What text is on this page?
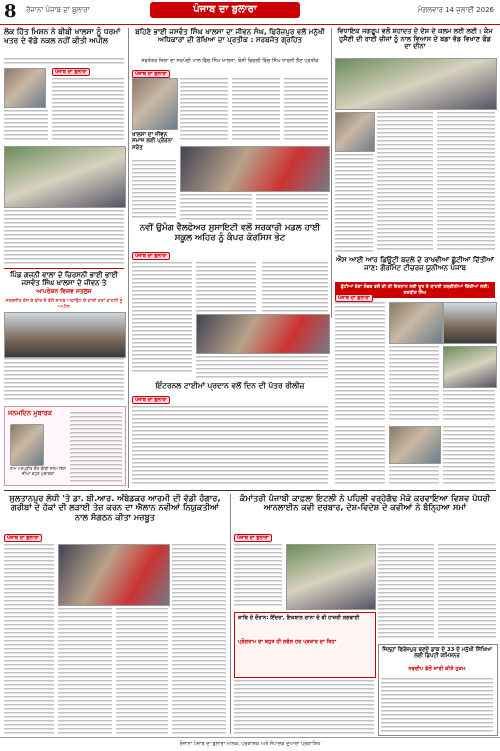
8 ਰੋਜ਼ਾਨਾ ਪੰਜਾਬ ਦਾ ਬੁਲਾਰਾ	ਪੰਜਾਬ ਦਾ ਬੁਲਾਰਾ	ਮੰਗਲਵਾਰ 14 ਜੁਲਾਈ 2026
ਲੋਕ ਹਿੱਤ ਮਿਸ਼ਨ ਨੇ ਬੀਬੀ ਖਾਲਸਾ ਨੂੰ ਧਰਮਾਂ ਖਤਰ ਦੇ ਵੱਡੇ ਨਕਲ ਨਹੀਂ ਕੀਤੀ ਅਪੀਲ
ਪੰਜਾਬ ਦਾ ਬੁਲਾਰਾ
ਬਹਿਣੇ ਭਾਈ ਜਸਵੰਤ ਸਿੰਘ ਖਾਲਸਾ ਦਾ ਜੀਵਨ ਸੰਘ, ਫਿਰੋਜ਼ਪੁਰ ਵਲੋਂ ਮਨੁੱਖੀ ਅਧਿਕਾਰਾਂ ਦੀ ਰੱਖਿਆ ਦਾ ਪ੍ਰਤੀਕ : ਸਰਬਜੋਤ ਗ੍ਰਹਿਤ
ਸਵਤੰਤਰ ਜ਼ਿਲਾ ਦਾ ਸਰਪੰਚੀ ਮਾਲ ਵਿੱਚ ਸਿੰਘ ਖਾਲਸਾ, ਬੋਸੀ ਵਿਚਲੀ ਵਿੱਚ ਸਿੰਘ ਧਾਰਨੀ ਲੈਣ ਪ੍ਰਤੀਕ
ਪੰਜਾਬ ਦਾ ਬੁਲਾਰਾ
ਖਾਲਸਾ ਦਾ ਜੀਵਨ ਸਮਾਜ ਲਈ ਪ੍ਰੇਰਨਾ ਸਰੋਤ
ਵਿਧਾਇਕ ਜਗਰੂਪ ਵਲੋਂ ਸ਼ਹਾਦਤ ਦੇ ਦੇਸ਼ ਦੇ ਕਲਮ ਲਈ ਲਈ। ਕੰਮ ਹੁਸੈਣੀ ਦੀ ਰਾਈ ਚੀਜਾਂ ਨੂੰ ਨਾਲ ਵਿਆਸ ਦੇ ਬਡਾ ਵੱਡ ਵਿਖਾਣ ਫੰਡ ਦਾ ਦੀਨਾ
ਪਿੰਡ ਗਜ਼ਨੀ ਵਾਲਾ ਦੇ ਚਿਰਸਨੀ ਭਾਈ ਭਾਈ ਜਸਵੰਤ ਸਿੰਘ ਖਾਲਸਾ ਦੇ ਜੀਵਨ ਤੇ
ਆਪਰੇਸ਼ਨ ਵਿਸ਼ਵ ਸਤਲੁਜ
ਸਰਬਜੀਤ ਦੱਸ ਦੇ ਵੀਰ ਦੇ ਵੱਲੋਂ ਸਾਹਬ ਅਕਾਉਟ ਦੇ ਕਾਰੀ ਕਰਾਂ ਕਾਹਲੀ ਨੂੰ ਅਪੀਲ
ਜਨਮਦਿਨ ਮੁਬਾਰਕ
ਨਾਮ ਮਨਪ੍ਰੀਤ ਕੌਰ ਬੀਬੀ ਜਨਮ ਦਿਨ ਦੀਆਂ ਬਹੁਤ ਮੁਬਾਰਕਾਂ
ਨਵੀਂ ਉਮੰਗ ਵੈਲਫੇਅਰ ਸੁਸਾਇਟੀ ਵਲੋਂ ਸਰਕਾਰੀ ਮਡਲ ਹਾਈ ਸਕੂਲ ਅਹਿਰ ਨੂੰ ਕੰਪਰ ਕੋਰਸਿਸ ਭੇਟ
ਪੰਜਾਬ ਦਾ ਬੁਲਾਰਾ	ਐਸ ਆਈ ਆਰ ਡਿਊਟੀ ਬਦਲੇ ਦੇ ਰਾਖਵੀਆਂ ਛੁੱਟੀਆਂ ਦਿੱਤੀਆਂ ਜਾਣ: ਗੌਰਮਿੰਟ ਟੀਚਰਜ਼ ਯੂਨੀਅਨ ਪੰਜਾਬ
ਛੁੱਟੀਆਂ ਦੇਣਾ ਸੰਭਵ ਵਲੋਂ ਦੀ ਦੀ ਇਸ਼ਨਾਨ ਲਈ ਦੂਰ ਦੇ ਬਾਹਰੀ ਤਬਦੀਲੀਆਂ ਦਿੱਤੀਆਂ ਲਈ: ਜਸਬੀਰ ਸਿੰਘ
ਪੰਜਾਬ ਦਾ ਬੁਲਾਰਾ
ਇੰਟਰਨਲ ਟਾਈਮਾਂ ਪ੍ਰਦਾਨ ਵਲੋਂ ਦਿਨ ਦੀ ਪੱਤਰ ਰੀਲੀਜ਼
ਪੰਜਾਬ ਦਾ ਬੁਲਾਰਾ
ਸੁਲਤਾਨਪੁਰ ਲੋਧੀ 'ਤੇ ਡਾ. ਬੀ.ਆਰ. ਅੰਬੇਡਕਰ ਆਰਮੀ ਦੀ ਵੱਡੀ ਹੰਗਾਰ, ਗਰੀਬਾਂ ਦੇ ਹੱਕਾਂ ਦੀ ਲੜਾਈ ਤੇਜ਼ ਕਰਨ ਦਾ ਐਲਾਨ ਨਵੀਆਂ ਨਿਯੁਕਤੀਆਂ ਨਾਲ ਸੰਗਠਨ ਕੀਤਾ ਮਜ਼ਬੂਤ
ਪੰਜਾਬ ਦਾ ਬੁਲਾਰਾ
ਕੰਮਾਂਤਰੀ ਪੰਜਾਬੀ ਕਾਫ਼ਲਾ ਇਟਲੀ ਨੇ ਪਹਿਲੀ ਵਰ੍ਹੇਗੰਢ ਮੌਕੇ ਕਰਵਾਇਆ ਵਿਸ਼ਵ ਪੱਧਰੀ ਆਨਲਾਈਨ ਕਵੀ ਦਰਬਾਰ, ਦੇਸ਼-ਵਿਦੇਸ਼ ਦੇ ਕਵੀਆਂ ਨੇ ਬੰਨ੍ਹਿਆ ਸਮਾਂ
ਪੰਜਾਬ ਦਾ ਬੁਲਾਰਾ
ਕਾਵਿ ਦੇ ਦੌਰਾਨ: ਇੰਦਰਾ, ਇਕਬਾਲ ਚਾਨਾ ਦੇ ਵੀ ਹਾਜ਼ਰੀ ਲਗਵਾਈ
ਪ੍ਰੋਗਰਾਮ ਦਾ ਬਹੁਤ ਹੀ ਲਵੱਲ ਹਰ ਪ੍ਰਕਾਰ ਦਾ ਰਿਹਾ
ਜਿਲ੍ਹਾਂ ਫਿਰੋਜ਼ਪੁਰ ਬਣਦੇ ਡਾਕ ਦੇ 33 ਦੇ ਮਨੁੱਖੀ ਸਿੱਖਿਆ ਲਈ ਡਿਪਟੀ ਕਮਿਸ਼ਨਰ
ਨਵਦੀਪ ਵੱਲੋਂ ਜਾਰੀ ਕੀਤੇ ਹੁਕਮ
ਰੋਜ਼ਾਨਾ ਪੰਜਾਬ ਦਾ ਬੁਲਾਰਾ ਮਾਲਕ, ਪ੍ਰਕਾਸ਼ਕ ਅਤੇ ਸੰਪਾਦਕ ਦੁਆਰਾ ਪ੍ਰਕਾਸ਼ਿਤ
